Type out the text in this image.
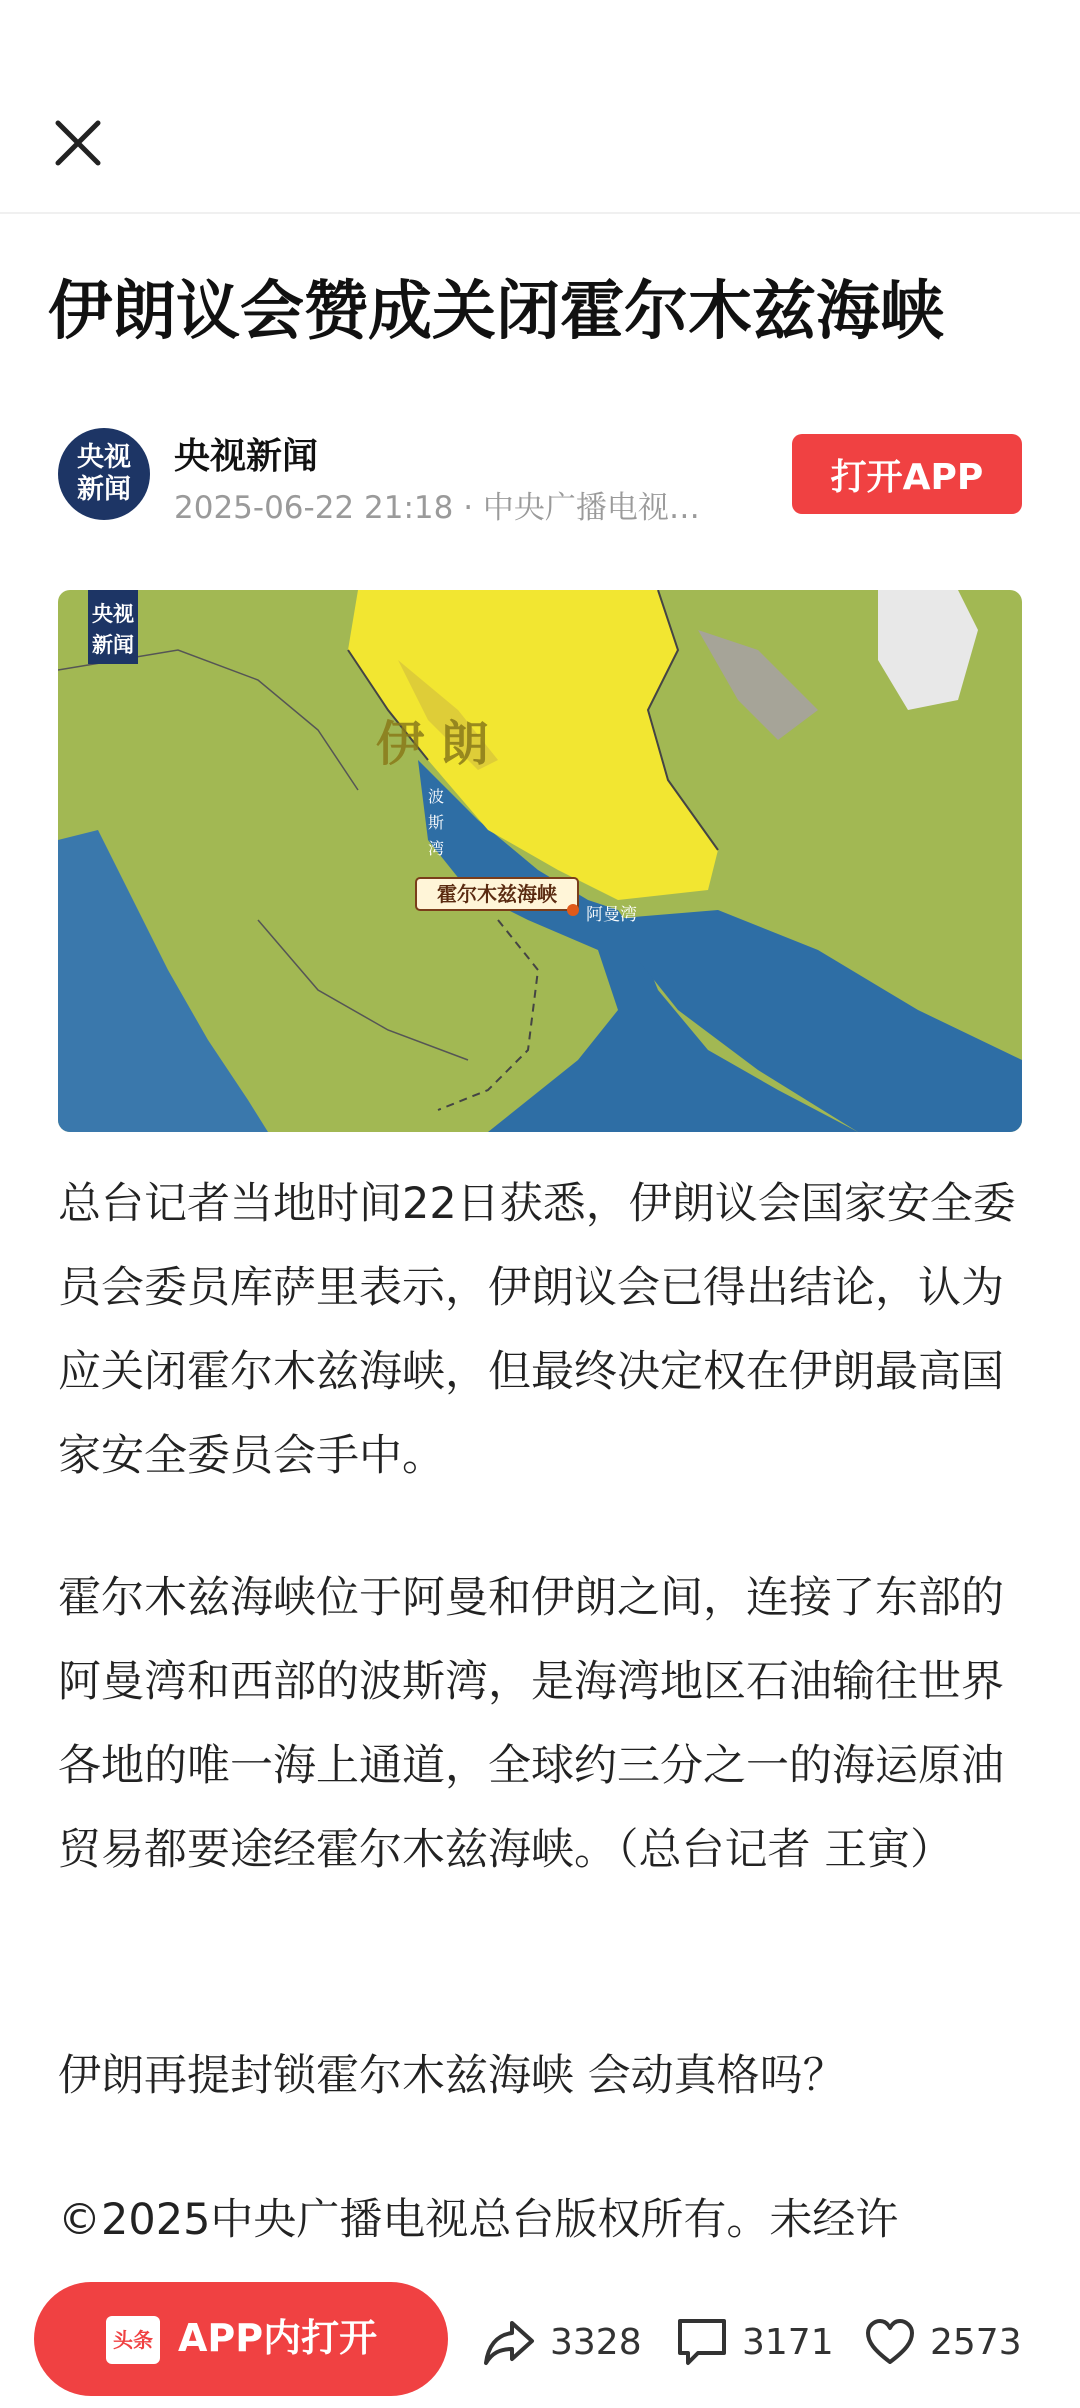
伊朗议会赞成关闭霍尔木兹海峡
央视
新闻
央视新闻
2025-06-22 21:18 · 中央广播电视…
打开APP
央视
新闻
伊 朗
波
斯
湾
霍尔木兹海峡
阿曼湾
总台记者当地时间22日获悉，伊朗议会国家安全委员会委员库萨里表示，伊朗议会已得出结论，认为应关闭霍尔木兹海峡，但最终决定权在伊朗最高国家安全委员会手中。
霍尔木兹海峡位于阿曼和伊朗之间，连接了东部的阿曼湾和西部的波斯湾，是海湾地区石油输往世界各地的唯一海上通道，全球约三分之一的海运原油贸易都要途经霍尔木兹海峡。（总台记者 王寅）
伊朗再提封锁霍尔木兹海峡 会动真格吗？
©2025中央广播电视总台版权所有。未经许
头条 APP内打开	3328	3171	2573
